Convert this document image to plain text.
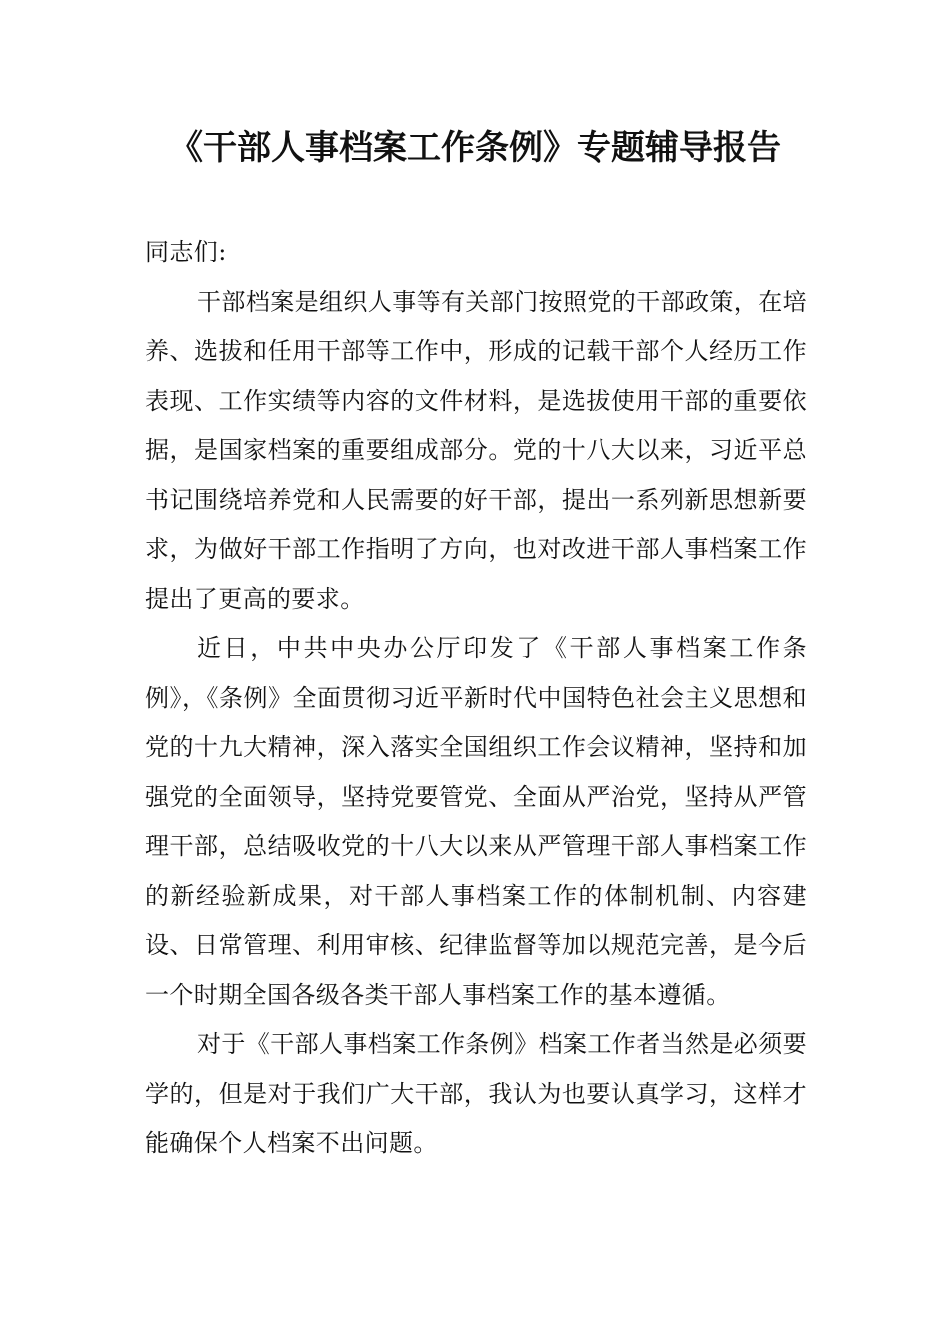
《干部人事档案工作条例》专题辅导报告

同志们:

干部档案是组织人事等有关部门按照党的干部政策，在培养、选拔和任用干部等工作中，形成的记载干部个人经历工作表现、工作实绩等内容的文件材料，是选拔使用干部的重要依据，是国家档案的重要组成部分。党的十八大以来，习近平总书记围绕培养党和人民需要的好干部，提出一系列新思想新要求，为做好干部工作指明了方向，也对改进干部人事档案工作提出了更高的要求。

近日，中共中央办公厅印发了《干部人事档案工作条例》，《条例》全面贯彻习近平新时代中国特色社会主义思想和党的十九大精神，深入落实全国组织工作会议精神，坚持和加强党的全面领导，坚持党要管党、全面从严治党，坚持从严管理干部，总结吸收党的十八大以来从严管理干部人事档案工作的新经验新成果，对干部人事档案工作的体制机制、内容建设、日常管理、利用审核、纪律监督等加以规范完善，是今后一个时期全国各级各类干部人事档案工作的基本遵循。

对于《干部人事档案工作条例》档案工作者当然是必须要学的，但是对于我们广大干部，我认为也要认真学习，这样才能确保个人档案不出问题。
